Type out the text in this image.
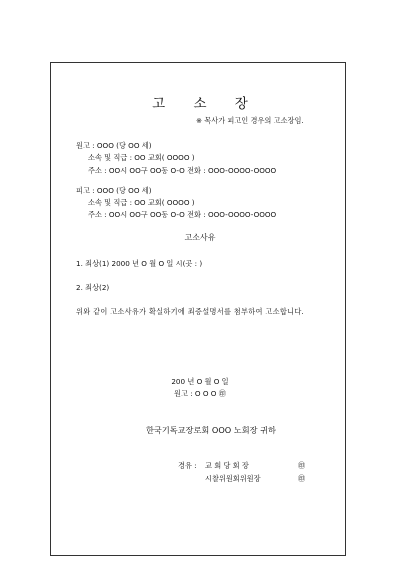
고 소 장
※ 목사가 피고인 경우의 고소장임.
원고 : OOO (당 OO 세)
소속 및 직급 : OO 교회( OOOO )
주소 : OO시 OO구 OO동 O-O 전화 : OOO-OOOO-OOOO
피고 : OOO (당 OO 세)
소속 및 직급 : OO 교회( OOOO )
주소 : OO시 OO구 OO동 O-O 전화 : OOO-OOOO-OOOO
고소사유
1. 죄상(1) 2000 년 O 월 O 일 시(곳 : )
2. 죄상(2)
위와 같이 고소사유가 확실하기에 죄증설명서를 첨부하여 고소합니다.
200 년 O 월 O 일
원고 : O O O ㊞
한국기독교장로회 OOO 노회장 귀하
경유 : 교 회 당 회 장	㊞
시찰위원회위원장	㊞
